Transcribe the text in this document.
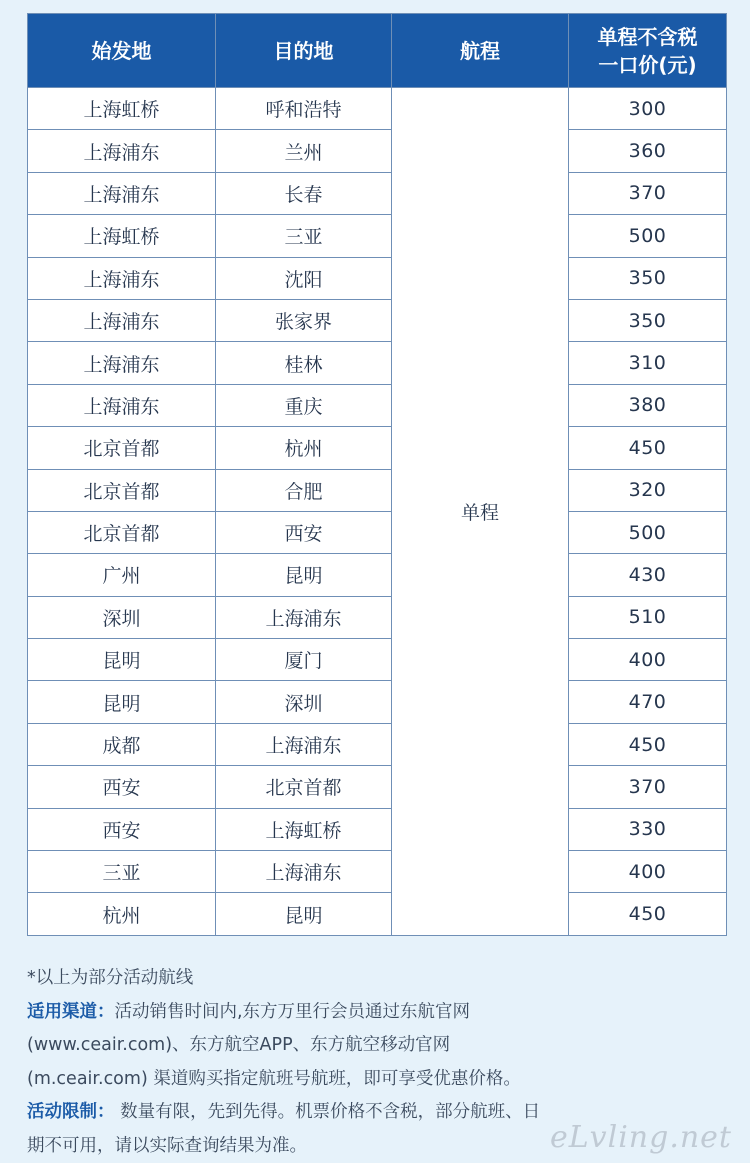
始发地	目的地	航程	单程不含税
一口价(元)
上海虹桥	呼和浩特	单程	300
上海浦东	兰州		360
上海浦东	长春		370
上海虹桥	三亚		500
上海浦东	沈阳		350
上海浦东	张家界		350
上海浦东	桂林		310
上海浦东	重庆		380
北京首都	杭州		450
北京首都	合肥		320
北京首都	西安		500
广州	昆明		430
深圳	上海浦东		510
昆明	厦门		400
昆明	深圳		470
成都	上海浦东		450
西安	北京首都		370
西安	上海虹桥		330
三亚	上海浦东		400
杭州	昆明		450

*以上为部分活动航线

适用渠道：活动销售时间内,东方万里行会员通过东航官网

(www.ceair.com)、东方航空APP、东方航空移动官网

(m.ceair.com) 渠道购买指定航班号航班，即可享受优惠价格。

活动限制： 数量有限，先到先得。机票价格不含税，部分航班、日

期不可用，请以实际查询结果为准。	eLvling.net
